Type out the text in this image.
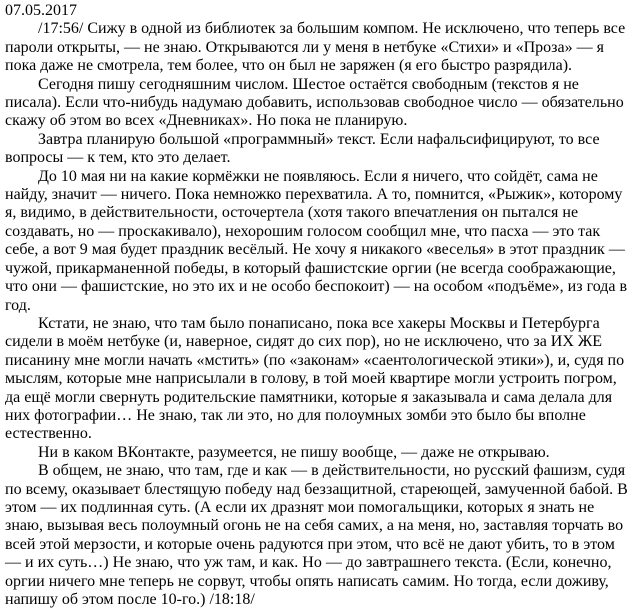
07.05.2017

/17:56/ Сижу в одной из библиотек за большим компом. Не исключено, что теперь все пароли открыты, — не знаю. Открываются ли у меня в нетбуке «Стихи» и «Проза» — я пока даже не смотрела, тем более, что он был не заряжен (я его быстро разрядила).

Сегодня пишу сегодняшним числом. Шестое остаётся свободным (текстов я не писала). Если что-нибудь надумаю добавить, использовав свободное число — обязательно скажу об этом во всех «Дневниках». Но пока не планирую.

Завтра планирую большой «программный» текст. Если нафальсифицируют, то все вопросы — к тем, кто это делает.

До 10 мая ни на какие кормёжки не появляюсь. Если я ничего, что сойдёт, сама не найду, значит — ничего. Пока немножко перехватила. А то, помнится, «Рыжик», которому я, видимо, в действительности, осточертела (хотя такого впечатления он пытался не создавать, но — проскакивало), нехорошим голосом сообщил мне, что пасха — это так себе, а вот 9 мая будет праздник весёлый. Не хочу я никакого «веселья» в этот праздник — чужой, прикарманенной победы, в который фашистские оргии (не всегда соображающие, что они — фашистские, но это их и не особо беспокоит) — на особом «подъёме», из года в год.

Кстати, не знаю, что там было понаписано, пока все хакеры Москвы и Петербурга сидели в моём нетбуке (и, наверное, сидят до сих пор), но не исключено, что за ИХ ЖЕ писанину мне могли начать «мстить» (по «законам» «саентологической этики»), и, судя по мыслям, которые мне наприсылали в голову, в той моей квартире могли устроить погром, да ещё могли свернуть родительские памятники, которые я заказывала и сама делала для них фотографии… Не знаю, так ли это, но для полоумных зомби это было бы вполне естественно.

Ни в каком ВКонтакте, разумеется, не пишу вообще, — даже не открываю.

В общем, не знаю, что там, где и как — в действительности, но русский фашизм, судя по всему, оказывает блестящую победу над беззащитной, стареющей, замученной бабой. В этом — их подлинная суть. (А если их дразнят мои помогальщики, которых я знать не знаю, вызывая весь полоумный огонь не на себя самих, а на меня, но, заставляя торчать во всей этой мерзости, и которые очень радуются при этом, что всё не дают убить, то в этом — и их суть…) Не знаю, что уж там, и как. Но — до завтрашнего текста. (Если, конечно, оргии ничего мне теперь не сорвут, чтобы опять написать самим. Но тогда, если доживу, напишу об этом после 10-го.) /18:18/
